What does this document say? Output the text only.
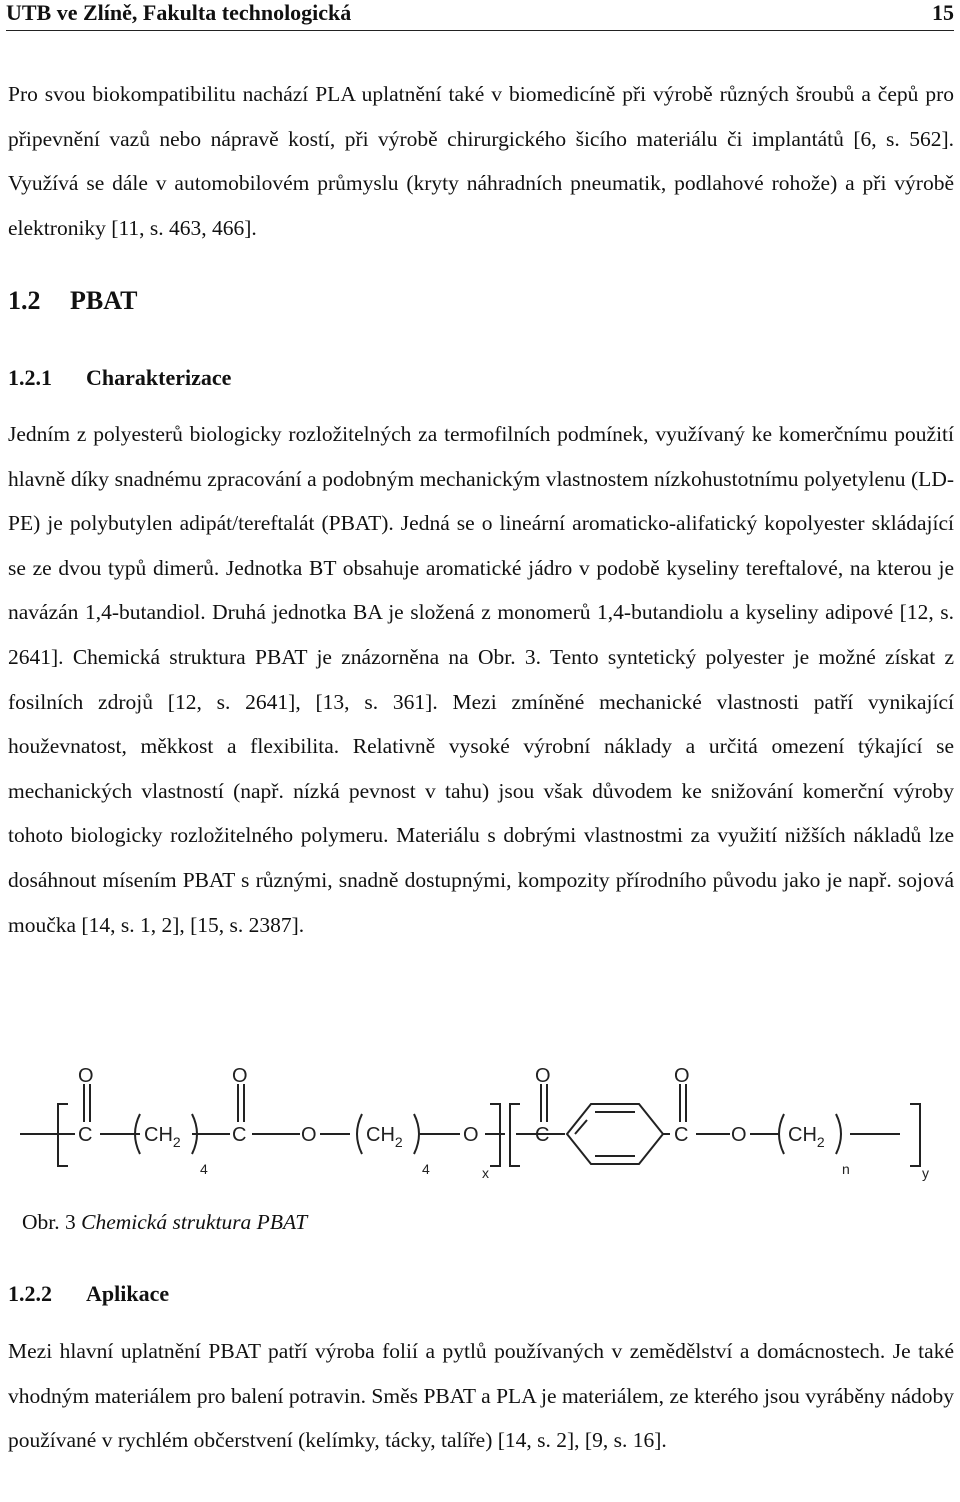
UTB ve Zlíně, Fakulta technologická	15

Pro svou biokompatibilitu nachází PLA uplatnění také v biomedicíně při výrobě různých šroubů a čepů pro připevnění vazů nebo nápravě kostí, při výrobě chirurgického šicího materiálu či implantátů [6, s. 562]. Využívá se dále v automobilovém průmyslu (kryty náhradních pneumatik, podlahové rohože) a při výrobě elektroniky [11, s. 463, 466].

1.2 PBAT
1.2.1 Charakterizace

Jedním z polyesterů biologicky rozložitelných za termofilních podmínek, využívaný ke komerčnímu použití hlavně díky snadnému zpracování a podobným mechanickým vlastnostem nízkohustotnímu polyetylenu (LD-PE) je polybutylen adipát/tereftalát (PBAT). Jedná se o lineární aromaticko-alifatický kopolyester skládající se ze dvou typů dimerů. Jednotka BT obsahuje aromatické jádro v podobě kyseliny tereftalové, na kterou je navázán 1,4-butandiol. Druhá jednotka BA je složená z monomerů 1,4-butandiolu a kyseliny adipové [12, s. 2641]. Chemická struktura PBAT je znázorněna na Obr. 3. Tento syntetický polyester je možné získat z fosilních zdrojů [12, s. 2641], [13, s. 361]. Mezi zmíněné mechanické vlastnosti patří vynikající houževnatost, měkkost a flexibilita. Relativně vysoké výrobní náklady a určitá omezení týkající se mechanických vlastností (např. nízká pevnost v tahu) jsou však důvodem ke snižování komerční výroby tohoto biologicky rozložitelného polymeru. Materiálu s dobrými vlastnostmi za využití nižších nákladů lze dosáhnout mísením PBAT s různými, snadně dostupnými, kompozity přírodního původu jako je např. sojová moučka [14, s. 1, 2], [15, s. 2387].

C
O
$CH_2$
4
C
O
O $CH_2$
4
O
x
C
O
C
O
O $CH_2$
n	y
Obr. 3 Chemická struktura PBAT
1.2.2 Aplikace

Mezi hlavní uplatnění PBAT patří výroba folií a pytlů používaných v zemědělství a domácnostech. Je také vhodným materiálem pro balení potravin. Směs PBAT a PLA je materiálem, ze kterého jsou vyráběny nádoby používané v rychlém občerstvení (kelímky, tácky, talíře) [14, s. 2], [9, s. 16].
